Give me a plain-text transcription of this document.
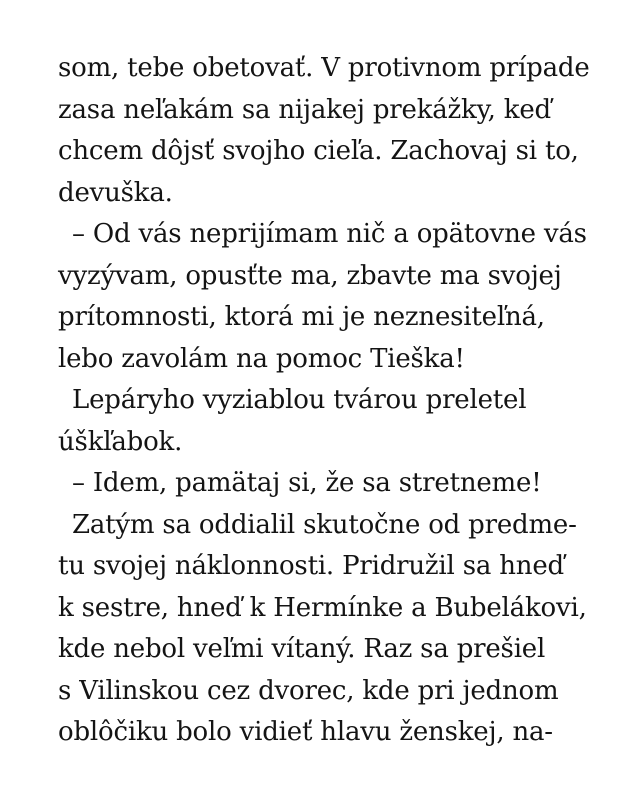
som, tebe obetovať. V protivnom prípade
zasa neľakám sa nijakej prekážky, keď
chcem dôjsť svojho cieľa. Zachovaj si to,
devuška.
– Od vás neprijímam nič a opätovne vás
vyzývam, opusťte ma, zbavte ma svojej
prítomnosti, ktorá mi je neznesiteľná,
lebo zavolám na pomoc Tieška!
Lepáryho vyziablou tvárou preletel
úškľabok.
– Idem, pamätaj si, že sa stretneme!
Zatým sa oddialil skutočne od predme-
tu svojej náklonnosti. Pridružil sa hneď
k sestre, hneď k Hermínke a Bubelákovi,
kde nebol veľmi vítaný. Raz sa prešiel
s Vilinskou cez dvorec, kde pri jednom
oblôčiku bolo vidieť hlavu ženskej, na-
